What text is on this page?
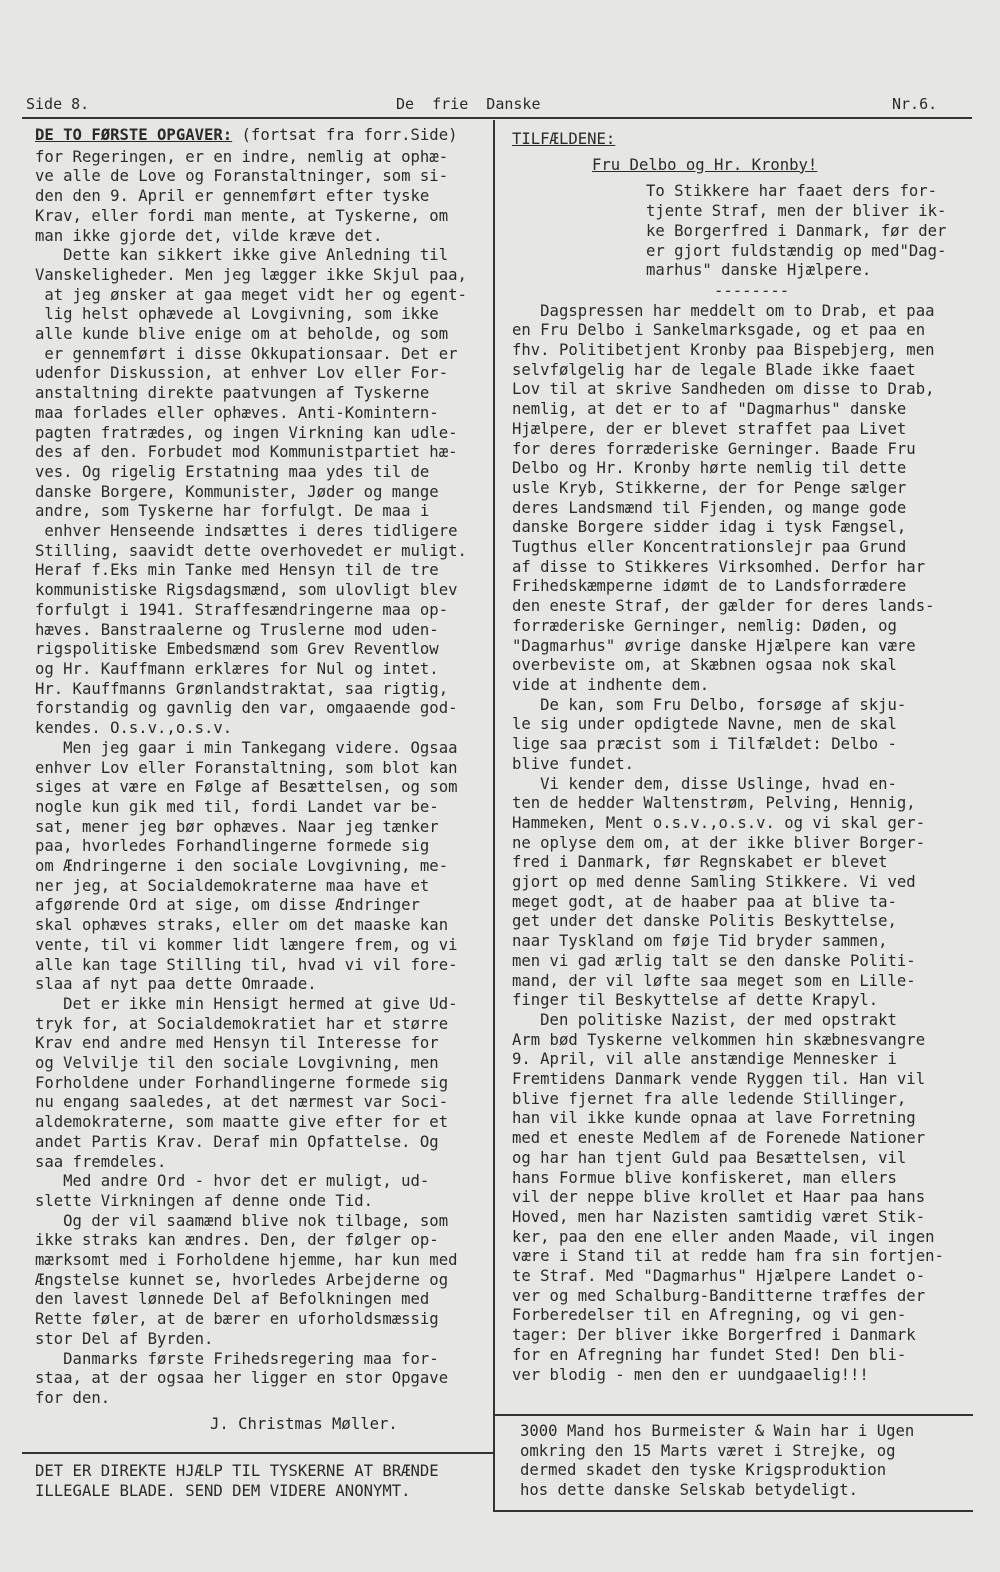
Side 8.	De  frie  Danske	Nr.6.

DE TO FØRSTE OPGAVER: (fortsat fra forr.Side)

for Regeringen, er en indre, nemlig at ophæ-

ve alle de Love og Foranstaltninger, som si-

den den 9. April er gennemført efter tyske

Krav, eller fordi man mente, at Tyskerne, om

man ikke gjorde det, vilde kræve det.

Dette kan sikkert ikke give Anledning til

Vanskeligheder. Men jeg lægger ikke Skjul paa,

at jeg ønsker at gaa meget vidt her og egent-

lig helst ophævede al Lovgivning, som ikke

alle kunde blive enige om at beholde, og som

er gennemført i disse Okkupationsaar. Det er

udenfor Diskussion, at enhver Lov eller For-

anstaltning direkte paatvungen af Tyskerne

maa forlades eller ophæves. Anti-Komintern-

pagten fratrædes, og ingen Virkning kan udle-

des af den. Forbudet mod Kommunistpartiet hæ-

ves. Og rigelig Erstatning maa ydes til de

danske Borgere, Kommunister, Jøder og mange

andre, som Tyskerne har forfulgt. De maa i

enhver Henseende indsættes i deres tidligere

Stilling, saavidt dette overhovedet er muligt.

Heraf f.Eks min Tanke med Hensyn til de tre

kommunistiske Rigsdagsmænd, som ulovligt blev

forfulgt i 1941. Straffesændringerne maa op-

hæves. Banstraalerne og Truslerne mod uden-

rigspolitiske Embedsmænd som Grev Reventlow

og Hr. Kauffmann erklæres for Nul og intet.

Hr. Kauffmanns Grønlandstraktat, saa rigtig,

forstandig og gavnlig den var, omgaaende god-

kendes. O.s.v.,o.s.v.

Men jeg gaar i min Tankegang videre. Ogsaa

enhver Lov eller Foranstaltning, som blot kan

siges at være en Følge af Besættelsen, og som

nogle kun gik med til, fordi Landet var be-

sat, mener jeg bør ophæves. Naar jeg tænker

paa, hvorledes Forhandlingerne formede sig

om Ændringerne i den sociale Lovgivning, me-

ner jeg, at Socialdemokraterne maa have et

afgørende Ord at sige, om disse Ændringer

skal ophæves straks, eller om det maaske kan

vente, til vi kommer lidt længere frem, og vi

alle kan tage Stilling til, hvad vi vil fore-

slaa af nyt paa dette Omraade.

Det er ikke min Hensigt hermed at give Ud-

tryk for, at Socialdemokratiet har et større

Krav end andre med Hensyn til Interesse for

og Velvilje til den sociale Lovgivning, men

Forholdene under Forhandlingerne formede sig

nu engang saaledes, at det nærmest var Soci-

aldemokraterne, som maatte give efter for et

andet Partis Krav. Deraf min Opfattelse. Og

saa fremdeles.

Med andre Ord - hvor det er muligt, ud-

slette Virkningen af denne onde Tid.

Og der vil saamænd blive nok tilbage, som

ikke straks kan ændres. Den, der følger op-

mærksomt med i Forholdene hjemme, har kun med

Ængstelse kunnet se, hvorledes Arbejderne og

den lavest lønnede Del af Befolkningen med

Rette føler, at de bærer en uforholdsmæssig

stor Del af Byrden.

Danmarks første Frihedsregering maa for-

staa, at der ogsaa her ligger en stor Opgave

for den.

J. Christmas Møller.

DET ER DIREKTE HJÆLP TIL TYSKERNE AT BRÆNDE

ILLEGALE BLADE. SEND DEM VIDERE ANONYMT.

TILFÆLDENE:

Fru Delbo og Hr. Kronby!

To Stikkere har faaet ders for-

tjente Straf, men der bliver ik-

ke Borgerfred i Danmark, før der

er gjort fuldstændig op med"Dag-

marhus" danske Hjælpere.

--------

Dagspressen har meddelt om to Drab, et paa

en Fru Delbo i Sankelmarksgade, og et paa en

fhv. Politibetjent Kronby paa Bispebjerg, men

selvfølgelig har de legale Blade ikke faaet

Lov til at skrive Sandheden om disse to Drab,

nemlig, at det er to af "Dagmarhus" danske

Hjælpere, der er blevet straffet paa Livet

for deres forræderiske Gerninger. Baade Fru

Delbo og Hr. Kronby hørte nemlig til dette

usle Kryb, Stikkerne, der for Penge sælger

deres Landsmænd til Fjenden, og mange gode

danske Borgere sidder idag i tysk Fængsel,

Tugthus eller Koncentrationslejr paa Grund

af disse to Stikkeres Virksomhed. Derfor har

Frihedskæmperne idømt de to Landsforrædere

den eneste Straf, der gælder for deres lands-

forræderiske Gerninger, nemlig: Døden, og

"Dagmarhus" øvrige danske Hjælpere kan være

overbeviste om, at Skæbnen ogsaa nok skal

vide at indhente dem.

De kan, som Fru Delbo, forsøge af skju-

le sig under opdigtede Navne, men de skal

lige saa præcist som i Tilfældet: Delbo -

blive fundet.

Vi kender dem, disse Uslinge, hvad en-

ten de hedder Waltenstrøm, Pelving, Hennig,

Hammeken, Ment o.s.v.,o.s.v. og vi skal ger-

ne oplyse dem om, at der ikke bliver Borger-

fred i Danmark, før Regnskabet er blevet

gjort op med denne Samling Stikkere. Vi ved

meget godt, at de haaber paa at blive ta-

get under det danske Politis Beskyttelse,

naar Tyskland om føje Tid bryder sammen,

men vi gad ærlig talt se den danske Politi-

mand, der vil løfte saa meget som en Lille-

finger til Beskyttelse af dette Krapyl.

Den politiske Nazist, der med opstrakt

Arm bød Tyskerne velkommen hin skæbnesvangre

9. April, vil alle anstændige Mennesker i

Fremtidens Danmark vende Ryggen til. Han vil

blive fjernet fra alle ledende Stillinger,

han vil ikke kunde opnaa at lave Forretning

med et eneste Medlem af de Forenede Nationer

og har han tjent Guld paa Besættelsen, vil

hans Formue blive konfiskeret, man ellers

vil der neppe blive krollet et Haar paa hans

Hoved, men har Nazisten samtidig været Stik-

ker, paa den ene eller anden Maade, vil ingen

være i Stand til at redde ham fra sin fortjen-

te Straf. Med "Dagmarhus" Hjælpere Landet o-

ver og med Schalburg-Banditterne træffes der

Forberedelser til en Afregning, og vi gen-

tager: Der bliver ikke Borgerfred i Danmark

for en Afregning har fundet Sted! Den bli-

ver blodig - men den er uundgaaelig!!!

3000 Mand hos Burmeister & Wain har i Ugen

omkring den 15 Marts været i Strejke, og

dermed skadet den tyske Krigsproduktion

hos dette danske Selskab betydeligt.
